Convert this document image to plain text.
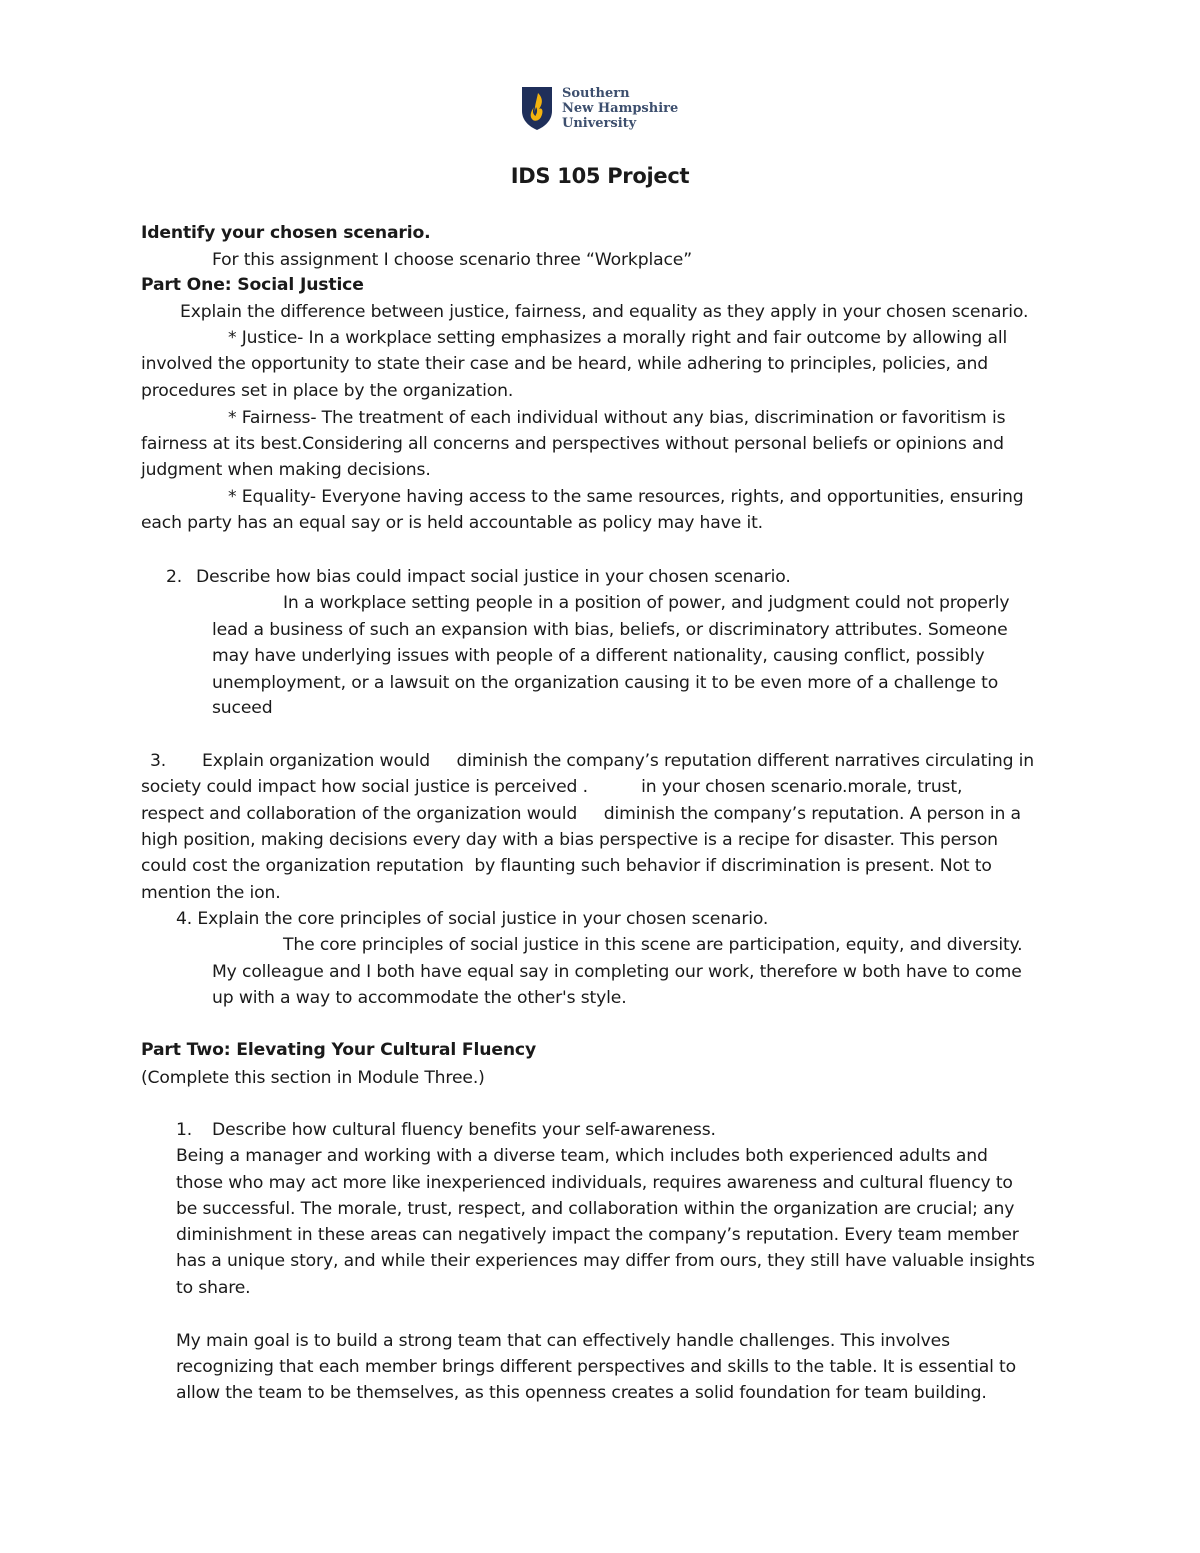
Southern
New Hampshire
University
IDS 105 Project
Identify your chosen scenario.
For this assignment I choose scenario three “Workplace”
Part One: Social Justice
Explain the difference between justice, fairness, and equality as they apply in your chosen scenario.
* Justice- In a workplace setting emphasizes a morally right and fair outcome by allowing all
involved the opportunity to state their case and be heard, while adhering to principles, policies, and
procedures set in place by the organization.
* Fairness- The treatment of each individual without any bias, discrimination or favoritism is
fairness at its best.Considering all concerns and perspectives without personal beliefs or opinions and
judgment when making decisions.
* Equality- Everyone having access to the same resources, rights, and opportunities, ensuring
each party has an equal say or is held accountable as policy may have it.
2. Describe how bias could impact social justice in your chosen scenario.
In a workplace setting people in a position of power, and judgment could not properly
lead a business of such an expansion with bias, beliefs, or discriminatory attributes. Someone
may have underlying issues with people of a different nationality, causing conflict, possibly
unemployment, or a lawsuit on the organization causing it to be even more of a challenge to
suceed
3. Explain organization would     diminish the company’s reputation different narratives circulating in
society could impact how social justice is perceived .          in your chosen scenario.morale, trust,
respect and collaboration of the organization would     diminish the company’s reputation. A person in a
high position, making decisions every day with a bias perspective is a recipe for disaster. This person
could cost the organization reputation  by flaunting such behavior if discrimination is present. Not to
mention the ion.
4. Explain the core principles of social justice in your chosen scenario.
The core principles of social justice in this scene are participation, equity, and diversity.
My colleague and I both have equal say in completing our work, therefore w both have to come
up with a way to accommodate the other's style.
Part Two: Elevating Your Cultural Fluency
(Complete this section in Module Three.)
1. Describe how cultural fluency benefits your self-awareness.
Being a manager and working with a diverse team, which includes both experienced adults and
those who may act more like inexperienced individuals, requires awareness and cultural fluency to
be successful. The morale, trust, respect, and collaboration within the organization are crucial; any
diminishment in these areas can negatively impact the company’s reputation. Every team member
has a unique story, and while their experiences may differ from ours, they still have valuable insights
to share.
My main goal is to build a strong team that can effectively handle challenges. This involves
recognizing that each member brings different perspectives and skills to the table. It is essential to
allow the team to be themselves, as this openness creates a solid foundation for team building.
